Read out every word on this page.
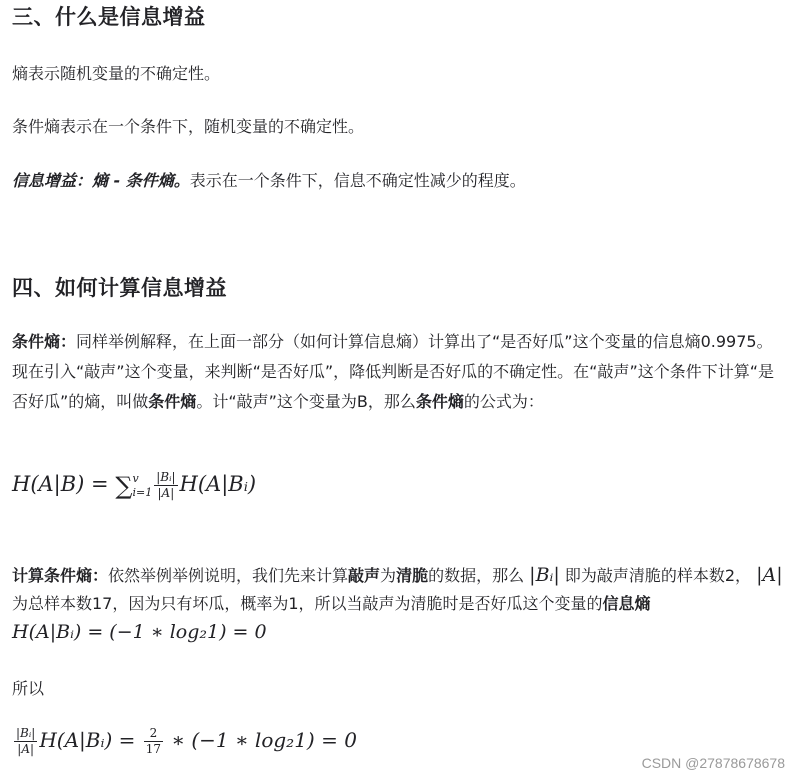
三、什么是信息增益

熵表示随机变量的不确定性。

条件熵表示在一个条件下，随机变量的不确定性。

信息增益：熵 - 条件熵。表示在一个条件下，信息不确定性减少的程度。

四、如何计算信息增益

条件熵：同样举例解释，在上面一部分（如何计算信息熵）计算出了“是否好瓜”这个变量的信息熵0.9975。现在引入“敲声”这个变量，来判断“是否好瓜”，降低判断是否好瓜的不确定性。在“敲声”这个条件下计算“是否好瓜”的熵，叫做条件熵。计“敲声”这个变量为B，那么条件熵的公式为：

H(A|B) = ∑ v
$i=1 \frac{\text{|Bᵢ|}}{|A|}$ H(A|Bᵢ)

计算条件熵：依然举例举例说明，我们先来计算敲声为清脆的数据，那么 |Bᵢ| 即为敲声清脆的样本数2， |A| 为总样本数17，因为只有坏瓜，概率为1，所以当敲声为清脆时是否好瓜这个变量的信息熵 H(A|Bᵢ) = (−1 ∗ log₂1) = 0

所以

$\frac{\text{|Bᵢ|}}{|A|}$ H(A|Bᵢ) = $\frac{2}{17}$ ∗ (−1 ∗ log₂1) = 0
CSDN @27878678678
